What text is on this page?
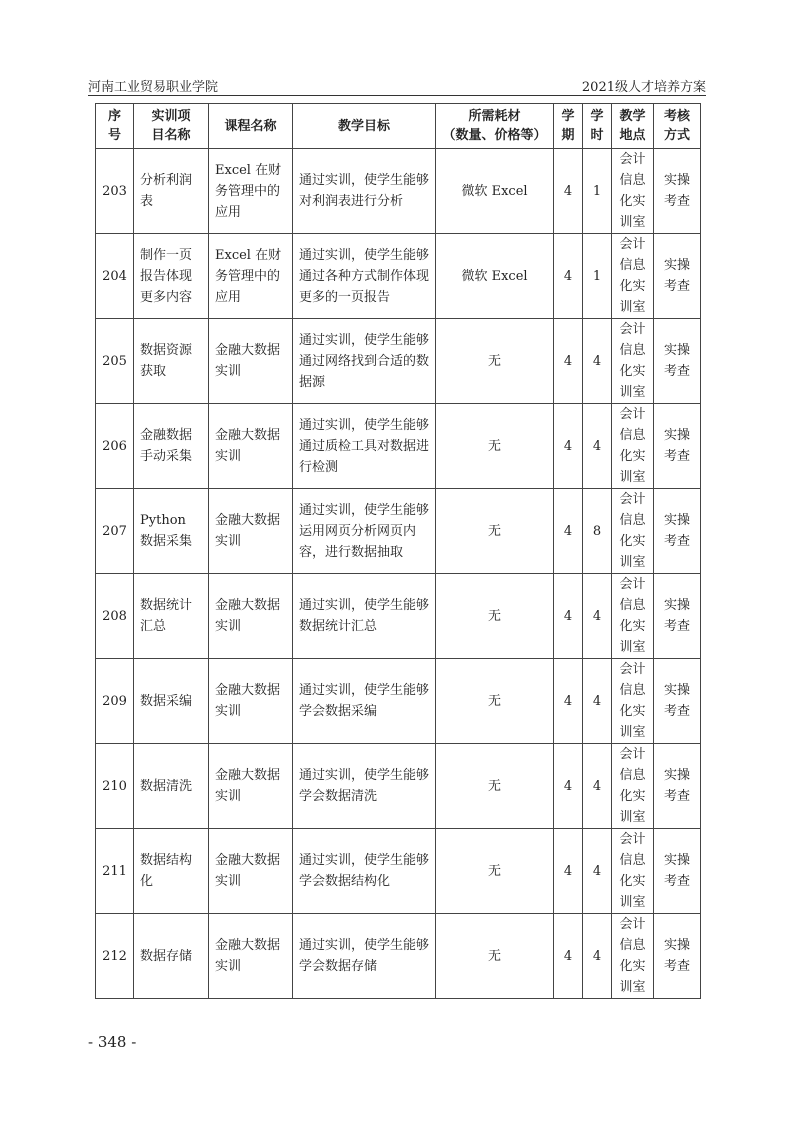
河南工业贸易职业学院	2021级人才培养方案
序
号	实训项
目名称	课程名称	教学目标	所需耗材
（数量、价格等）	学
期	学
时	教学
地点	考核
方式
203	分析利润表	Excel 在财务管理中的应用	通过实训，使学生能够对利润表进行分析	微软 Excel	4	1	会计
信息
化实
训室	实操
考查
204	制作一页报告体现更多内容	Excel 在财务管理中的应用	通过实训，使学生能够通过各种方式制作体现更多的一页报告	微软 Excel	4	1	会计
信息
化实
训室	实操
考查
205	数据资源获取	金融大数据实训	通过实训，使学生能够通过网络找到合适的数据源	无	4	4	会计
信息
化实
训室	实操
考查
206	金融数据手动采集	金融大数据实训	通过实训，使学生能够通过质检工具对数据进行检测	无	4	4	会计
信息
化实
训室	实操
考查
207	Python 数据采集	金融大数据实训	通过实训，使学生能够运用网页分析网页内容，进行数据抽取	无	4	8	会计
信息
化实
训室	实操
考查
208	数据统计汇总	金融大数据实训	通过实训，使学生能够数据统计汇总	无	4	4	会计
信息
化实
训室	实操
考查
209	数据采编	金融大数据实训	通过实训，使学生能够学会数据采编	无	4	4	会计
信息
化实
训室	实操
考查
210	数据清洗	金融大数据实训	通过实训，使学生能够学会数据清洗	无	4	4	会计
信息
化实
训室	实操
考查
211	数据结构化	金融大数据实训	通过实训，使学生能够学会数据结构化	无	4	4	会计
信息
化实
训室	实操
考查
212	数据存储	金融大数据实训	通过实训，使学生能够学会数据存储	无	4	4	会计
信息
化实
训室	实操
考查
- 348 -
